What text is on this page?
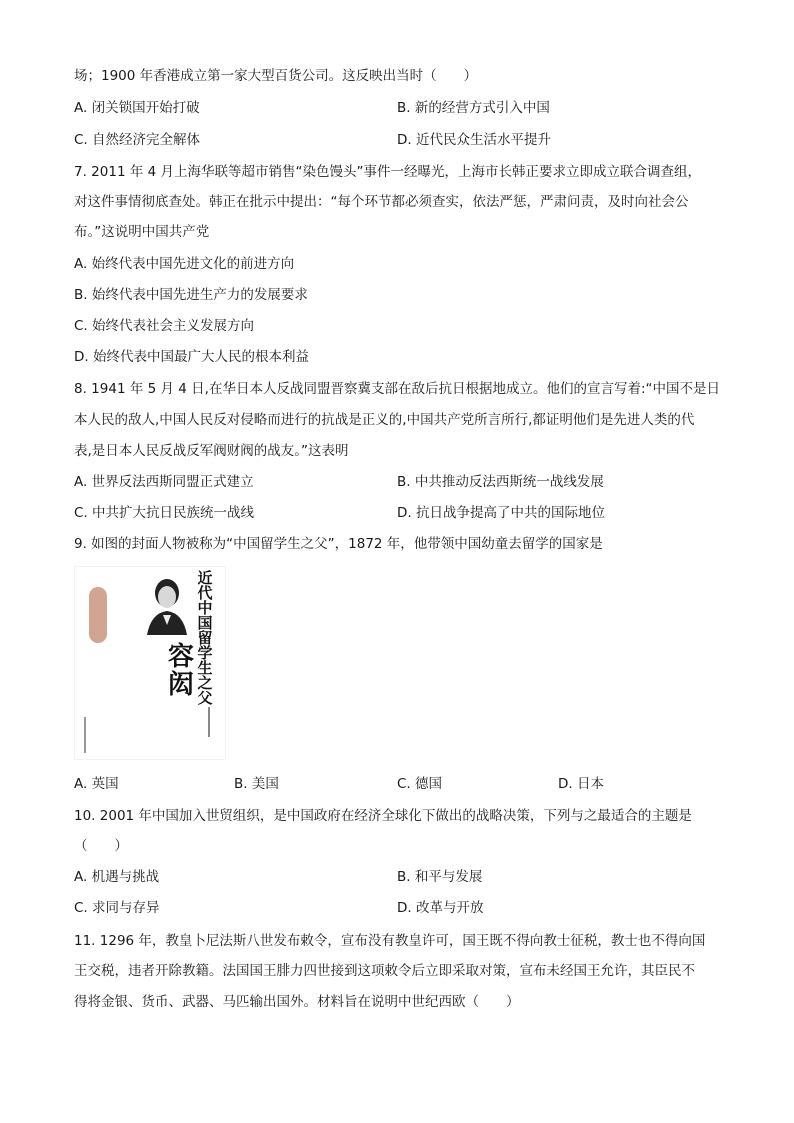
场；1900 年香港成立第一家大型百货公司。这反映出当时（　　）
A. 闭关锁国开始打破	B. 新的经营方式引入中国
C. 自然经济完全解体	D. 近代民众生活水平提升
7. 2011 年 4 月上海华联等超市销售“染色馒头”事件一经曝光，上海市长韩正要求立即成立联合调查组，
对这件事情彻底查处。韩正在批示中提出：“每个环节都必须查实，依法严惩，严肃问责，及时向社会公
布。”这说明中国共产党
A. 始终代表中国先进文化的前进方向
B. 始终代表中国先进生产力的发展要求
C. 始终代表社会主义发展方向
D. 始终代表中国最广大人民的根本利益
8. 1941 年 5 月 4 日,在华日本人反战同盟晋察冀支部在敌后抗日根据地成立。他们的宣言写着:“中国不是日
本人民的敌人,中国人民反对侵略而进行的抗战是正义的,中国共产党所言所行,都证明他们是先进人类的代
表,是日本人民反战反军阀财阀的战友。”这表明
A. 世界反法西斯同盟正式建立	B. 中共推动反法西斯统一战线发展
C. 中共扩大抗日民族统一战线	D. 抗日战争提高了中共的国际地位
9. 如图的封面人物被称为“中国留学生之父”，1872 年，他带领中国幼童去留学的国家是
近代中国留学生之父
容闳
A. 英国	B. 美国	C. 德国	D. 日本
10. 2001 年中国加入世贸组织，是中国政府在经济全球化下做出的战略决策，下列与之最适合的主题是
（　　）
A. 机遇与挑战	B. 和平与发展
C. 求同与存异	D. 改革与开放
11. 1296 年，教皇卜尼法斯八世发布敕令，宣布没有教皇许可，国王既不得向教士征税，教士也不得向国
王交税，违者开除教籍。法国国王腓力四世接到这项敕令后立即采取对策，宣布未经国王允许，其臣民不
得将金银、货币、武器、马匹输出国外。材料旨在说明中世纪西欧（　　）
